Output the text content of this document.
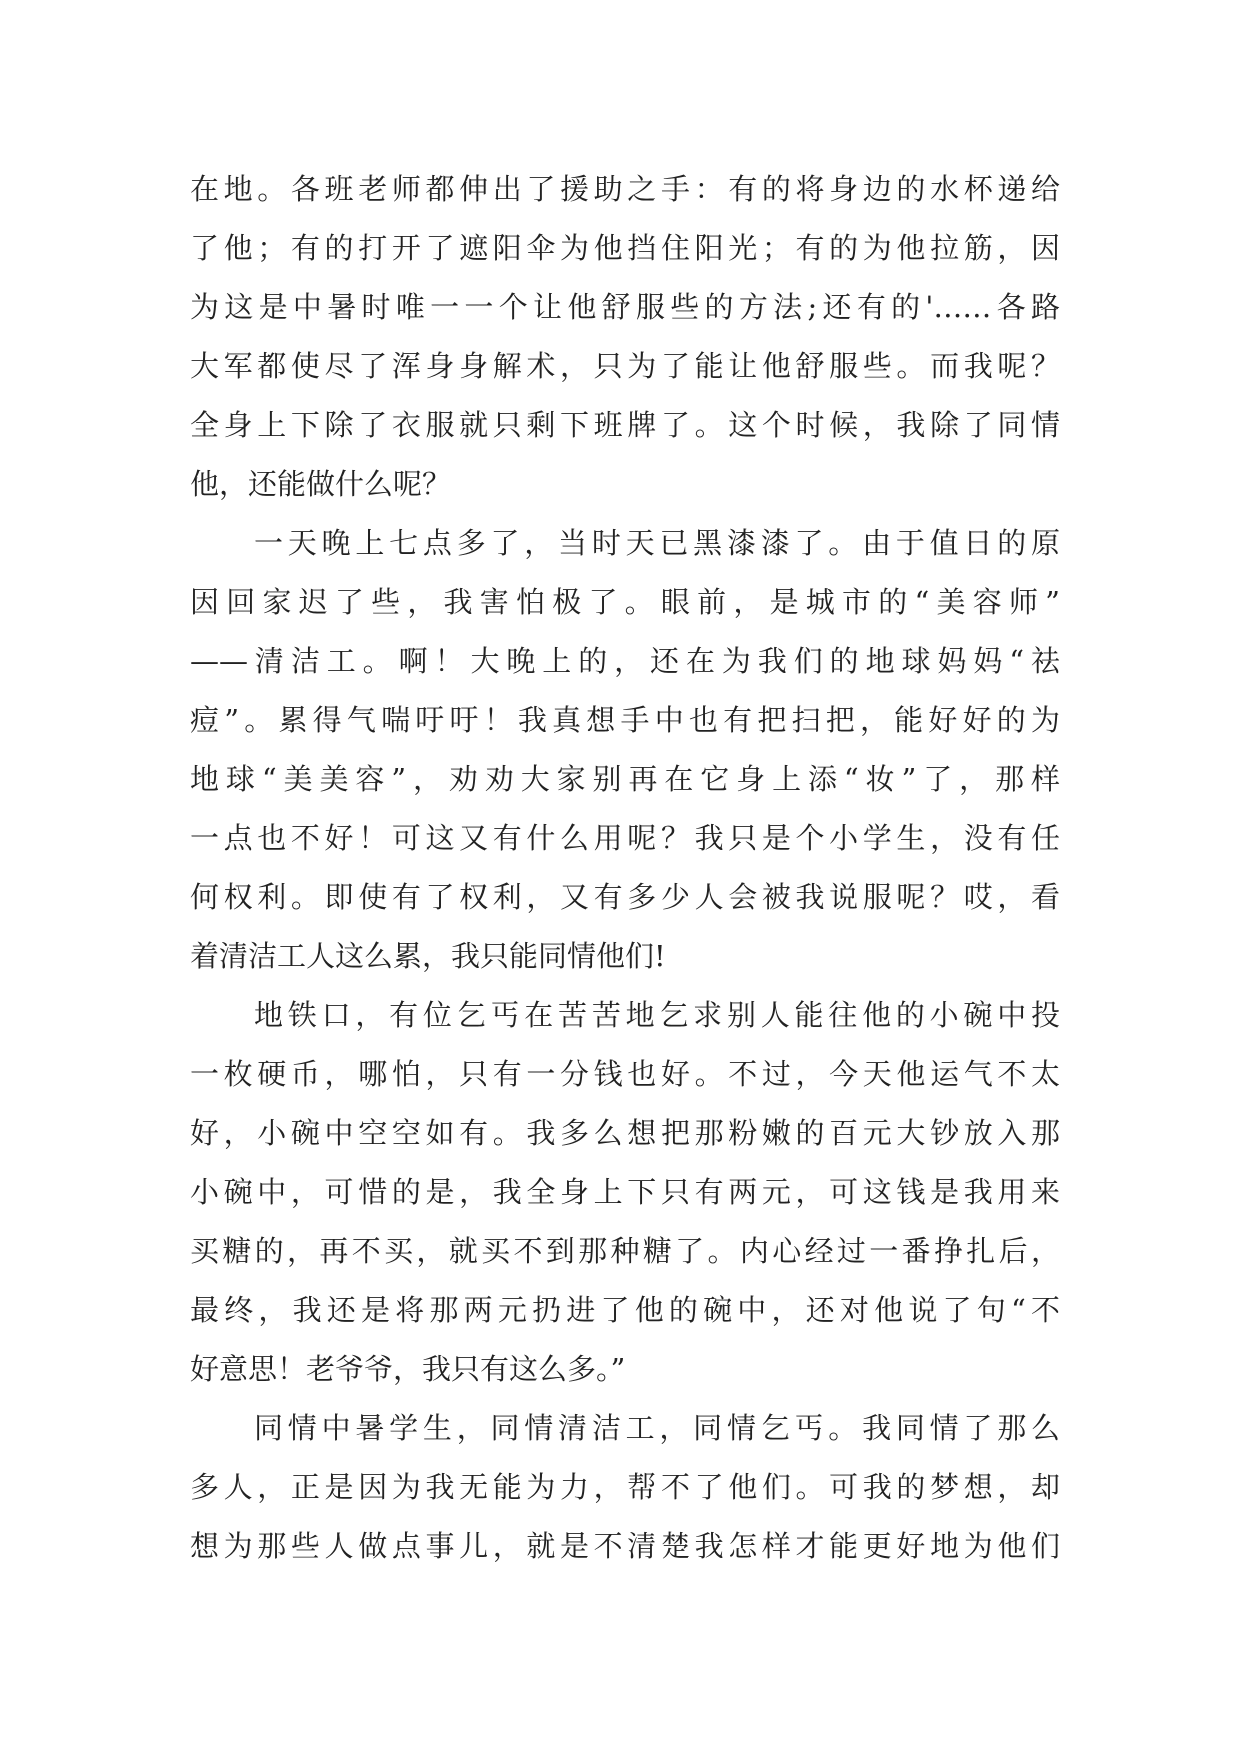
在地。各班老师都伸出了援助之手：有的将身边的水杯递给
了他；有的打开了遮阳伞为他挡住阳光；有的为他拉筋，因
为这是中暑时唯一一个让他舒服些的方法;还有的'……各路
大军都使尽了浑身身解术，只为了能让他舒服些。而我呢？
全身上下除了衣服就只剩下班牌了。这个时候，我除了同情
他，还能做什么呢？
一天晚上七点多了，当时天已黑漆漆了。由于值日的原
因回家迟了些，我害怕极了。眼前，是城市的“美容师”
——清洁工。啊！大晚上的，还在为我们的地球妈妈“祛
痘”。累得气喘吁吁！我真想手中也有把扫把，能好好的为
地球“美美容”，劝劝大家别再在它身上添“妆”了，那样
一点也不好！可这又有什么用呢？我只是个小学生，没有任
何权利。即使有了权利，又有多少人会被我说服呢？哎，看
着清洁工人这么累，我只能同情他们!
地铁口，有位乞丐在苦苦地乞求别人能往他的小碗中投
一枚硬币，哪怕，只有一分钱也好。不过，今天他运气不太
好，小碗中空空如有。我多么想把那粉嫩的百元大钞放入那
小碗中，可惜的是，我全身上下只有两元，可这钱是我用来
买糖的，再不买，就买不到那种糖了。内心经过一番挣扎后，
最终，我还是将那两元扔进了他的碗中，还对他说了句“不
好意思！老爷爷，我只有这么多。”
同情中暑学生，同情清洁工，同情乞丐。我同情了那么
多人，正是因为我无能为力，帮不了他们。可我的梦想，却
想为那些人做点事儿，就是不清楚我怎样才能更好地为他们
